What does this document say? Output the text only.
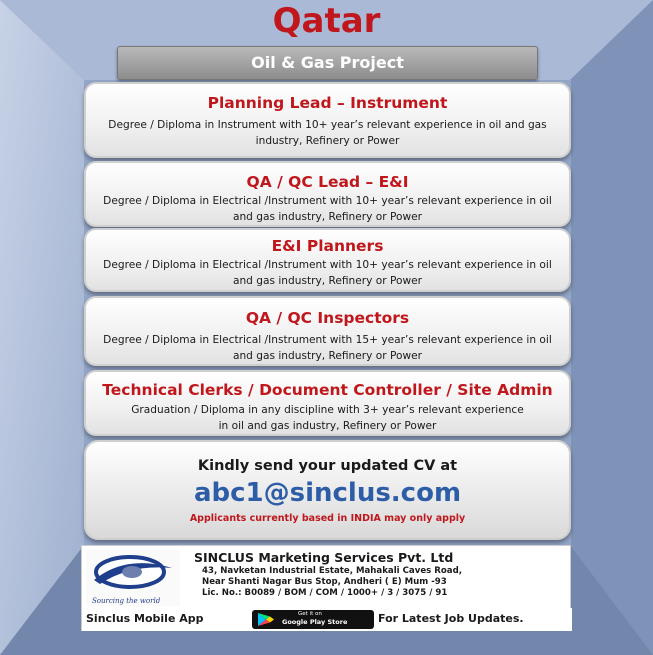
Qatar
Oil & Gas Project
Planning Lead – Instrument
Degree / Diploma in Instrument with 10+ year’s relevant experience in oil and gas industry, Refinery or Power
QA / QC Lead – E&I
Degree / Diploma in Electrical /Instrument with 10+ year’s relevant experience in oil and gas industry, Refinery or Power
E&I Planners
Degree / Diploma in Electrical /Instrument with 10+ year’s relevant experience in oil and gas industry, Refinery or Power
QA / QC Inspectors
Degree / Diploma in Electrical /Instrument with 15+ year’s relevant experience in oil and gas industry, Refinery or Power
Technical Clerks / Document Controller / Site Admin
Graduation / Diploma in any discipline with 3+ year’s relevant experience in oil and gas industry, Refinery or Power
Kindly send your updated CV at
abc1@sinclus.com
Applicants currently based in INDIA may only apply
Sourcing the world
SINCLUS Marketing Services Pvt. Ltd
43, Navketan Industrial Estate, Mahakali Caves Road,
Near Shanti Nagar Bus Stop, Andheri ( E) Mum -93
Lic. No.: B0089 / BOM / COM / 1000+ / 3 / 3075 / 91
Sinclus Mobile App	Get it on
Google Play Store	For Latest Job Updates.
